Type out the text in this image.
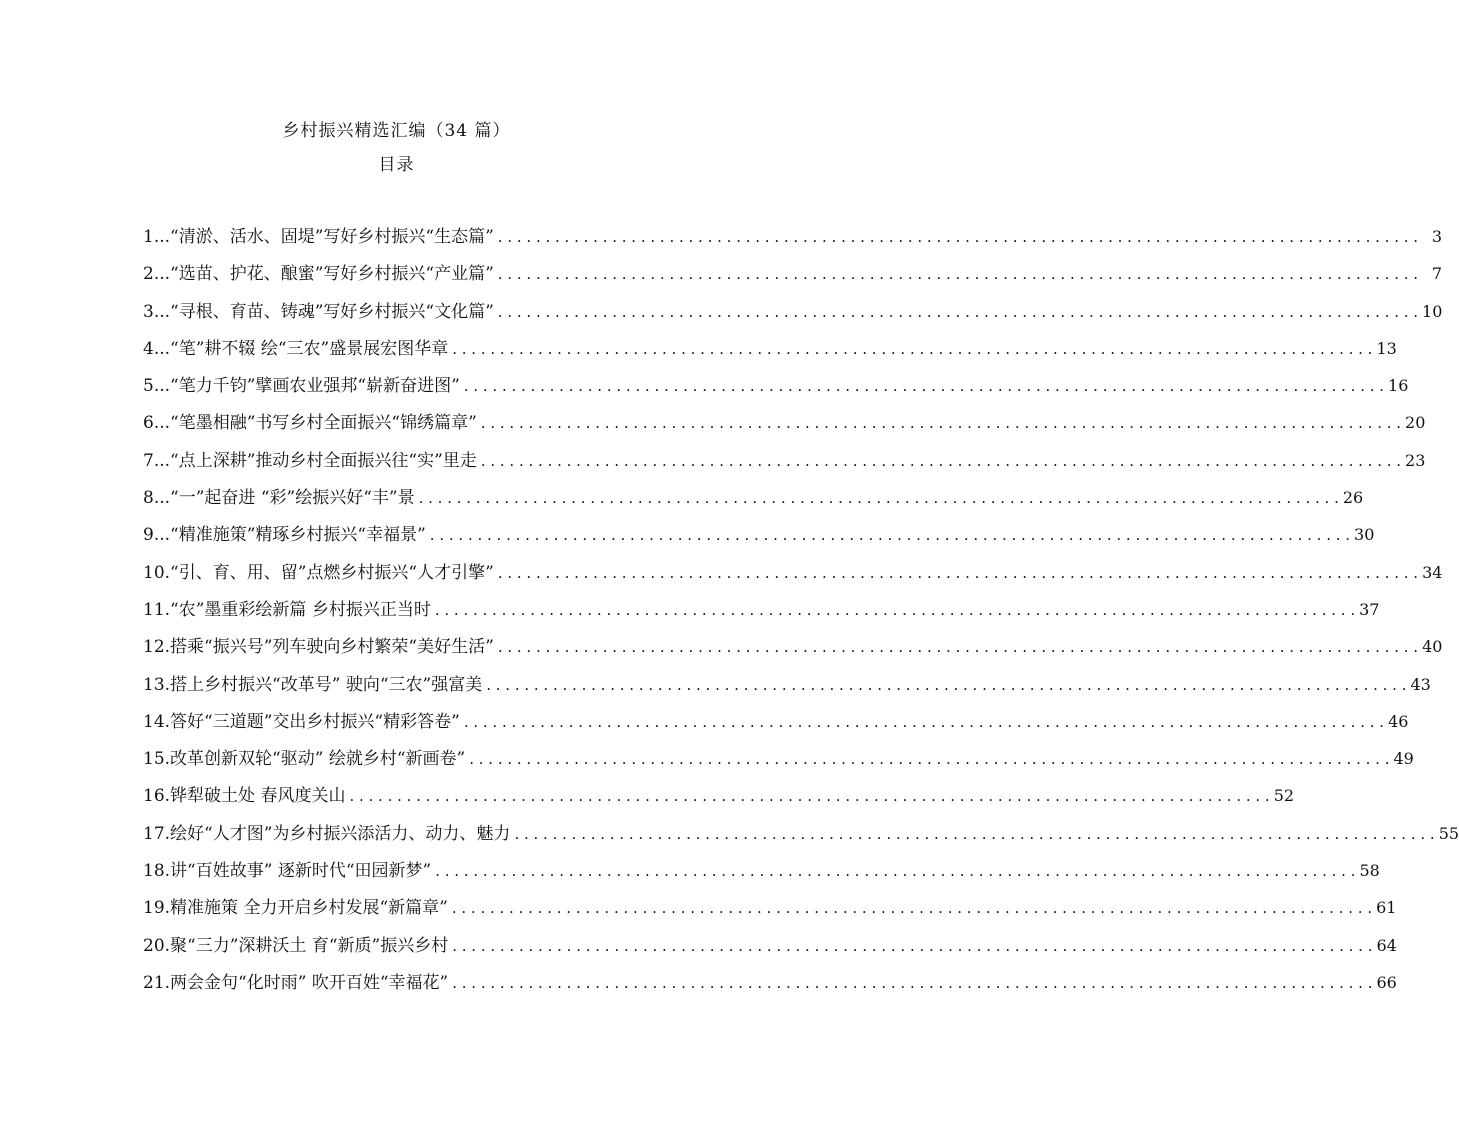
乡村振兴精选汇编（34 篇）
目录
1... “清淤、活水、固堤”写好乡村振兴“生态篇” . . .	3
2... “选苗、护花、酿蜜”写好乡村振兴“产业篇” . . .	7
3... “寻根、育苗、铸魂”写好乡村振兴“文化篇” . . .	10
4... “笔”耕不辍 绘“三农”盛景展宏图华章 . . .	13
5... “笔力千钧”擘画农业强邦“崭新奋进图” . . .	16
6... “笔墨相融”书写乡村全面振兴“锦绣篇章” . . .	20
7... “点上深耕”推动乡村全面振兴往“实”里走 . . .	23
8... “一”起奋进 “彩”绘振兴好“丰”景 . . .	26
9... “精准施策”精琢乡村振兴“幸福景” . . .	30
10. “引、育、用、留”点燃乡村振兴“人才引擎” . . .	34
11. “农”墨重彩绘新篇 乡村振兴正当时 . . .	37
12. 搭乘“振兴号”列车驶向乡村繁荣“美好生活” . . .	40
13. 搭上乡村振兴“改革号” 驶向“三农”强富美 . . .	43
14. 答好“三道题”交出乡村振兴“精彩答卷” . . .	46
15. 改革创新双轮“驱动” 绘就乡村“新画卷” . . .	49
16. 铧犁破土处 春风度关山 . . .	52
17. 绘好“人才图”为乡村振兴添活力、动力、魅力 . . .	55
18. 讲“百姓故事” 逐新时代“田园新梦” . . .	58
19. 精准施策 全力开启乡村发展“新篇章” . . .	61
20. 聚“三力”深耕沃土 育“新质”振兴乡村 . . .	64
21. 两会金句“化时雨” 吹开百姓“幸福花” . . .	66
